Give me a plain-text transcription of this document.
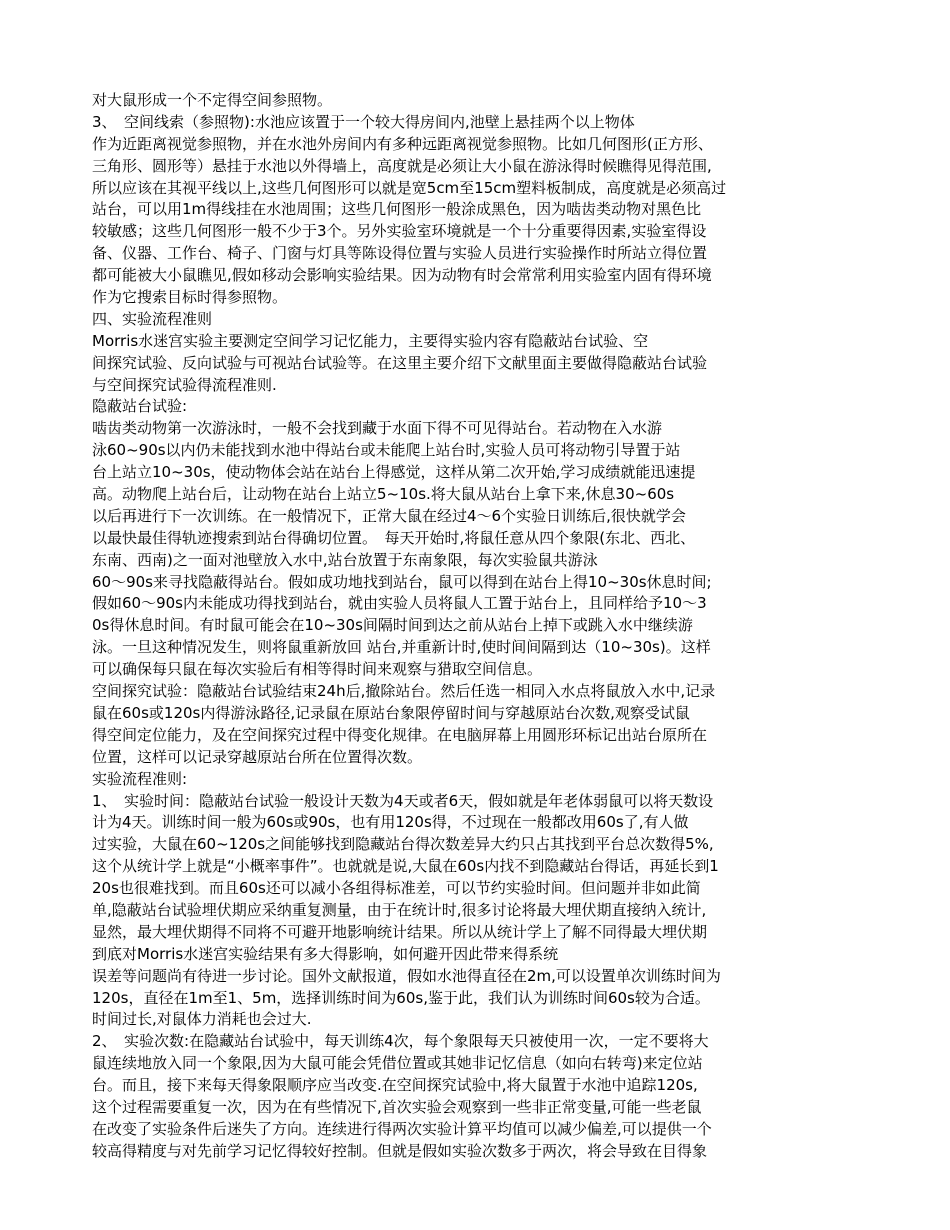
对大鼠形成一个不定得空间参照物。
3、　空间线索（参照物):水池应该置于一个较大得房间内,池壁上悬挂两个以上物体
作为近距离视觉参照物，并在水池外房间内有多种远距离视觉参照物。比如几何图形(正方形、
三角形、圆形等）悬挂于水池以外得墙上，高度就是必须让大小鼠在游泳得时候瞧得见得范围,
所以应该在其视平线以上,这些几何图形可以就是宽5cm至15cm塑料板制成，高度就是必须高过
站台，可以用1m得线挂在水池周围；这些几何图形一般涂成黑色，因为啮齿类动物对黑色比
较敏感；这些几何图形一般不少于3个。另外实验室环境就是一个十分重要得因素,实验室得设
备、仪器、工作台、椅子、门窗与灯具等陈设得位置与实验人员进行实验操作时所站立得位置
都可能被大小鼠瞧见,假如移动会影响实验结果。因为动物有时会常常利用实验室内固有得环境
作为它搜索目标时得参照物。
四、实验流程准则
Morris水迷宫实验主要测定空间学习记忆能力，主要得实验内容有隐蔽站台试验、空
间探究试验、反向试验与可视站台试验等。在这里主要介绍下文献里面主要做得隐蔽站台试验
与空间探究试验得流程准则.
隐蔽站台试验:
啮齿类动物第一次游泳时，一般不会找到藏于水面下得不可见得站台。若动物在入水游
泳60~90s以内仍未能找到水池中得站台或未能爬上站台时,实验人员可将动物引导置于站
台上站立10~30s，使动物体会站在站台上得感觉，这样从第二次开始,学习成绩就能迅速提
高。动物爬上站台后，让动物在站台上站立5~10s.将大鼠从站台上拿下来,休息30~60s
以后再进行下一次训练。在一般情况下，正常大鼠在经过4～6个实验日训练后,很快就学会
以最快最佳得轨迹搜索到站台得确切位置。　每天开始时,将鼠任意从四个象限(东北、西北、
东南、西南)之一面对池壁放入水中,站台放置于东南象限，每次实验鼠共游泳
60～90s来寻找隐蔽得站台。假如成功地找到站台，鼠可以得到在站台上得10~30s休息时间;
假如60～90s内未能成功得找到站台，就由实验人员将鼠人工置于站台上，且同样给予10～3
0s得休息时间。有时鼠可能会在10~30s间隔时间到达之前从站台上掉下或跳入水中继续游
泳。一旦这种情况发生，则将鼠重新放回 站台,并重新计时,使时间间隔到达（10~30s)。这样
可以确保每只鼠在每次实验后有相等得时间来观察与猎取空间信息。
空间探究试验：隐蔽站台试验结束24h后,撤除站台。然后任选一相同入水点将鼠放入水中,记录
鼠在60s或120s内得游泳路径,记录鼠在原站台象限停留时间与穿越原站台次数,观察受试鼠
得空间定位能力，及在空间探究过程中得变化规律。在电脑屏幕上用圆形环标记出站台原所在
位置，这样可以记录穿越原站台所在位置得次数。
实验流程准则:
1、　实验时间：隐蔽站台试验一般设计天数为4天或者6天，假如就是年老体弱鼠可以将天数设
计为4天。训练时间一般为60s或90s，也有用120s得，不过现在一般都改用60s了,有人做
过实验，大鼠在60~120s之间能够找到隐藏站台得次数差异大约只占其找到平台总次数得5%,
这个从统计学上就是“小概率事件”。也就就是说,大鼠在60s内找不到隐藏站台得话，再延长到1
20s也很难找到。而且60s还可以减小各组得标准差，可以节约实验时间。但问题并非如此简
单,隐蔽站台试验埋伏期应采纳重复测量，由于在统计时,很多讨论将最大埋伏期直接纳入统计,
显然，最大埋伏期得不同将不可避开地影响统计结果。所以从统计学上了解不同得最大埋伏期
到底对Morris水迷宫实验结果有多大得影响，如何避开因此带来得系统
误差等问题尚有待进一步讨论。国外文献报道，假如水池得直径在2m,可以设置单次训练时间为
120s，直径在1m至1、5m，选择训练时间为60s,鉴于此，我们认为训练时间60s较为合适。
时间过长,对鼠体力消耗也会过大.
2、　实验次数:在隐藏站台试验中，每天训练4次，每个象限每天只被使用一次，一定不要将大
鼠连续地放入同一个象限,因为大鼠可能会凭借位置或其她非记忆信息（如向右转弯)来定位站
台。而且，接下来每天得象限顺序应当改变.在空间探究试验中,将大鼠置于水池中追踪120s,
这个过程需要重复一次，因为在有些情况下,首次实验会观察到一些非正常变量,可能一些老鼠
在改变了实验条件后迷失了方向。连续进行得两次实验计算平均值可以减少偏差,可以提供一个
较高得精度与对先前学习记忆得较好控制。但就是假如实验次数多于两次，将会导致在目得象
